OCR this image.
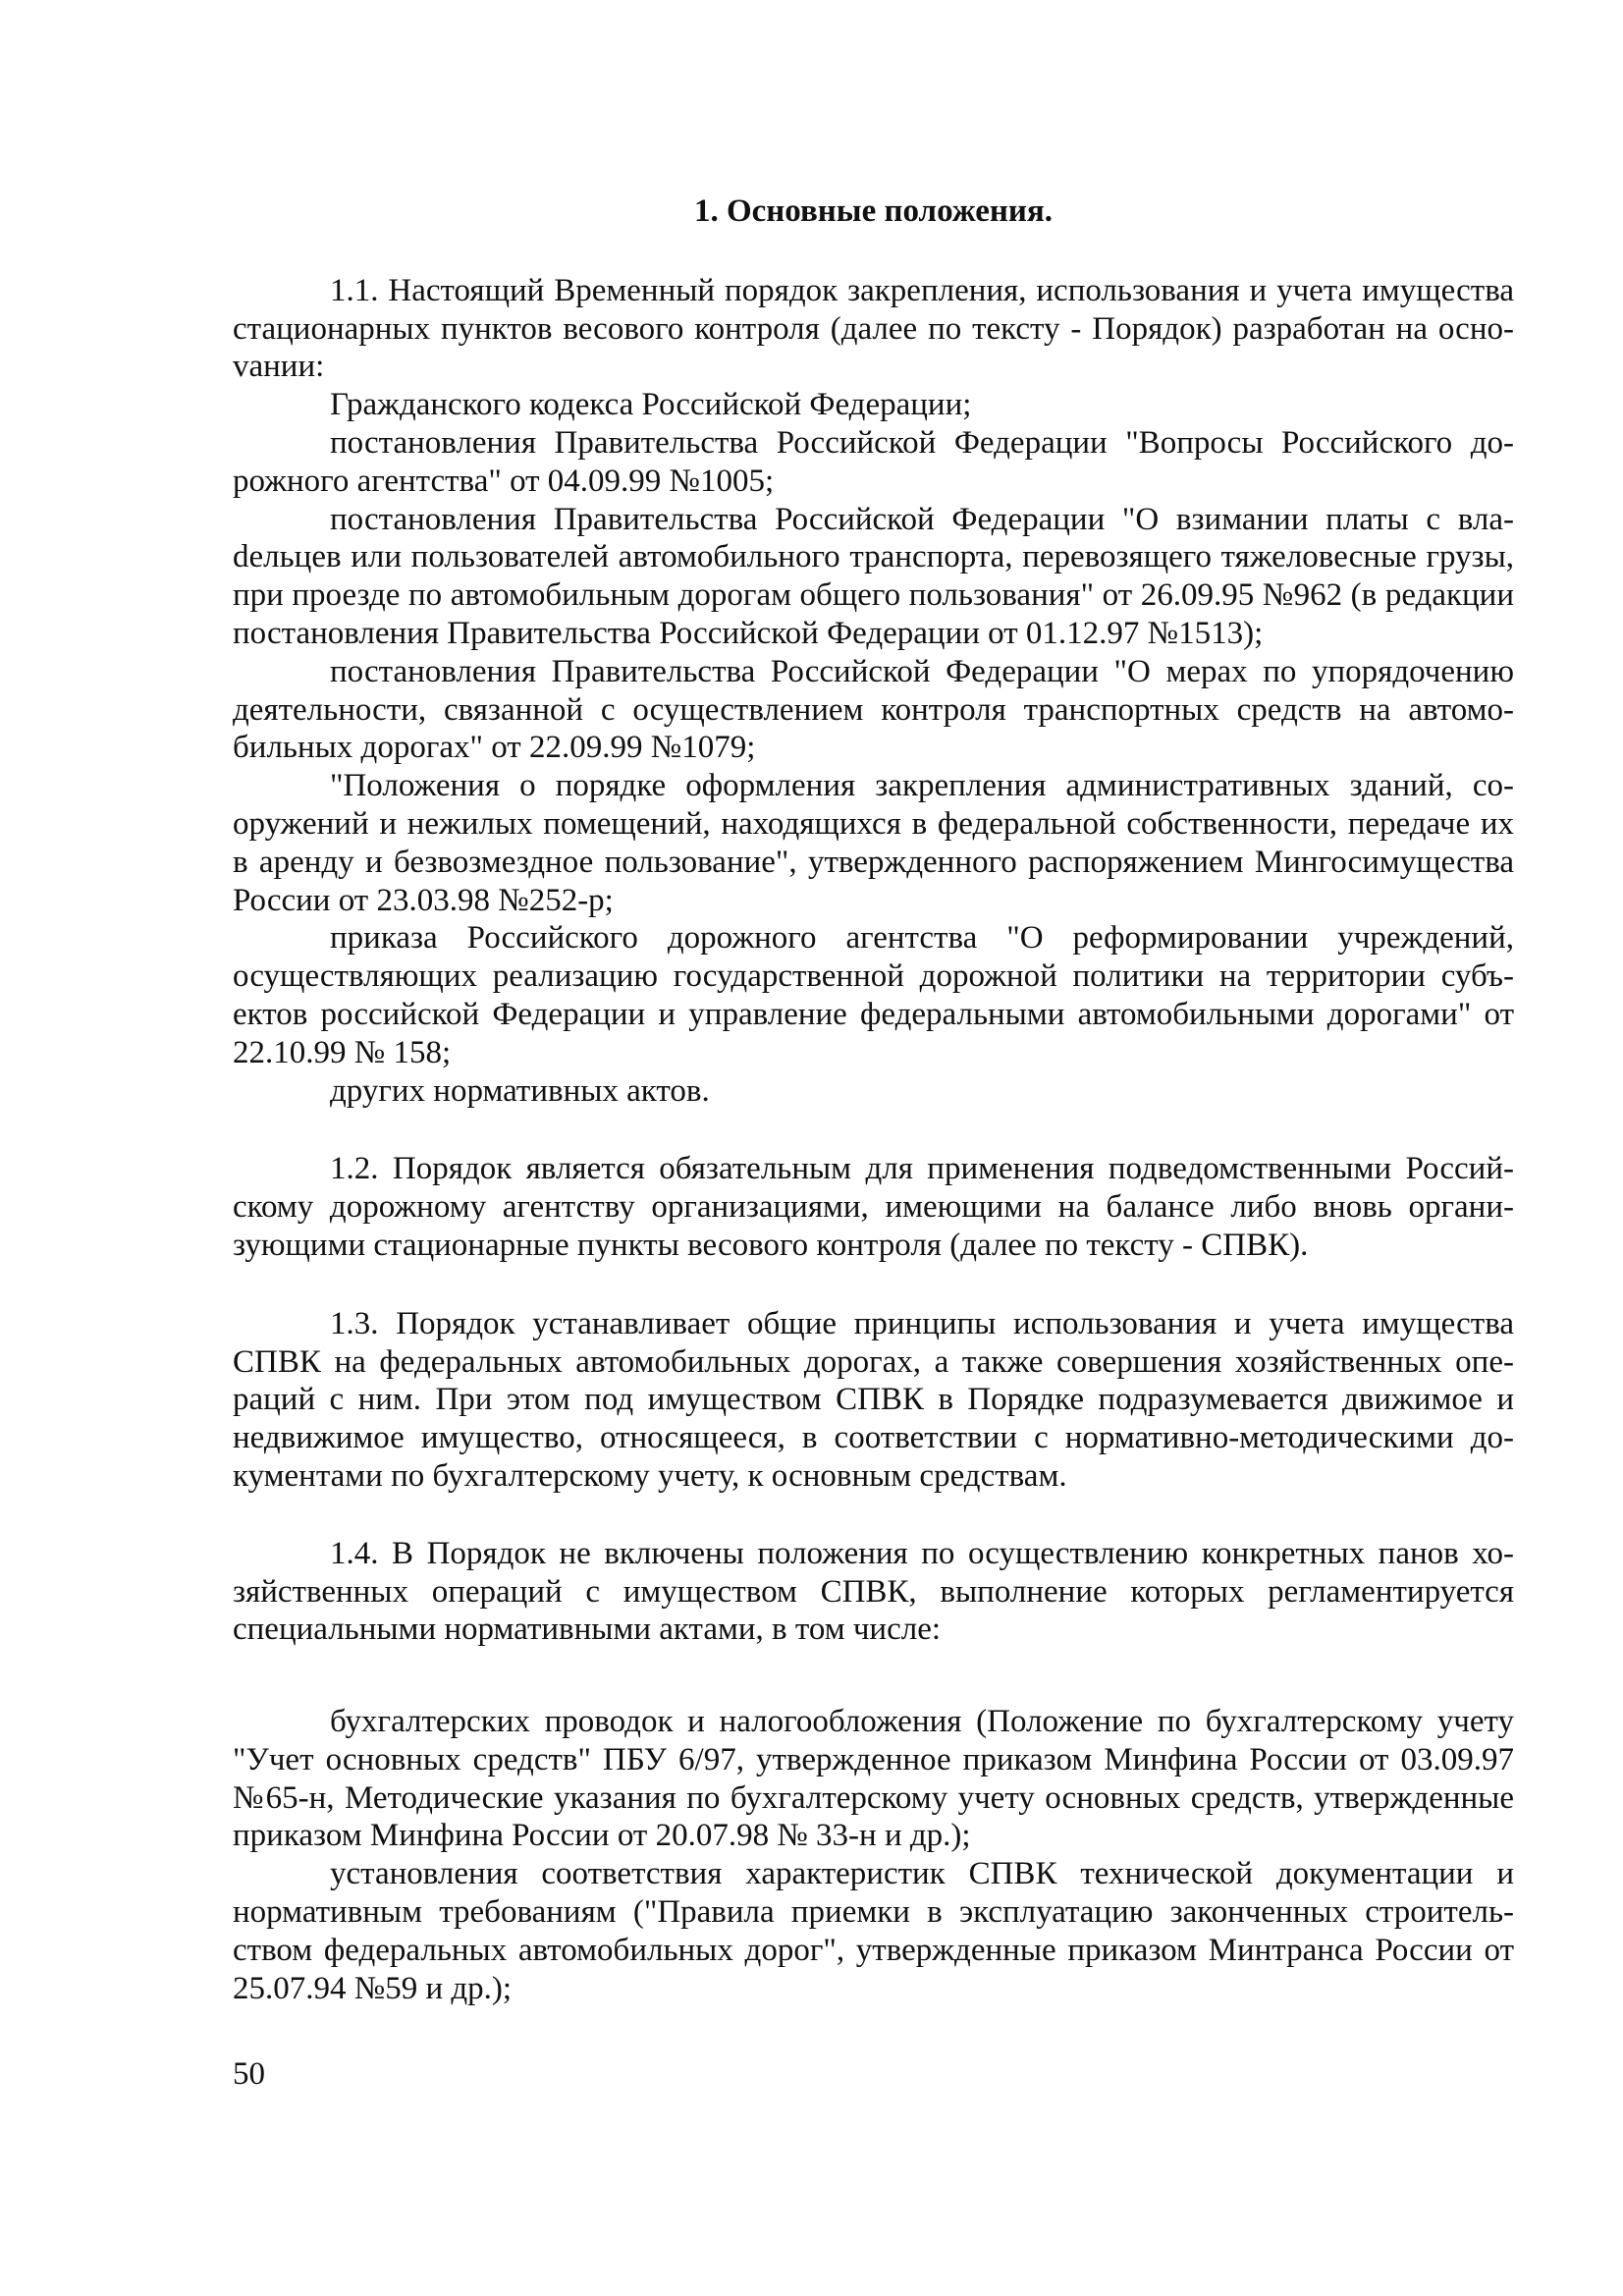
1. Основные положения.

1.1. Настоящий Временный порядок закрепления, использования и учета имущества стационарных пунктов весового контроля (далее по тексту - Порядок) разработан на осноvании:

Гражданского кодекса Российской Федерации;

постановления Правительства Российской Федерации "Вопросы Российского дорожного агентства" от 04.09.99 №1005;

постановления Правительства Российской Федерации "О взимании платы с влаdельцев или пользователей автомобильного транспорта, перевозящего тяжеловесные грузы, при проезде по автомобильным дорогам общего пользования" от 26.09.95 №962 (в редакции постановления Правительства Российской Федерации от 01.12.97 №1513);

постановления Правительства Российской Федерации "О мерах по упорядочению деятельности, связанной с осуществлением контроля транспортных средств на автомобильных дорогах" от 22.09.99 №1079;

"Положения о порядке оформления закрепления административных зданий, сооружений и нежилых помещений, находящихся в федеральной собственности, передаче их в аренду и безвозмездное пользование", утвержденного распоряжением Мингосимущества России от 23.03.98 №252-р;

приказа Российского дорожного агентства "О реформировании учреждений, осуществляющих реализацию государственной дорожной политики на территории субъектов российской Федерации и управление федеральными автомобильными дорогами" от 22.10.99 № 158;

других нормативных актов.

1.2. Порядок является обязательным для применения подведомственными Российскому дорожному агентству организациями, имеющими на балансе либо вновь организующими стационарные пункты весового контроля (далее по тексту - СПВК).

1.3. Порядок устанавливает общие принципы использования и учета имущества СПВК на федеральных автомобильных дорогах, а также совершения хозяйственных операций с ним. При этом под имуществом СПВК в Порядке подразумевается движимое и недвижимое имущество, относящееся, в соответствии с нормативно-методическими документами по бухгалтерскому учету, к основным средствам.

1.4. В Порядок не включены положения по осуществлению конкретных панов хозяйственных операций с имуществом СПВК, выполнение которых регламентируется специальными нормативными актами, в том числе:

бухгалтерских проводок и налогообложения (Положение по бухгалтерскому учету "Учет основных средств" ПБУ 6/97, утвержденное приказом Минфина России от 03.09.97 №65-н, Методические указания по бухгалтерскому учету основных средств, утвержденные приказом Минфина России от 20.07.98 № 33-н и др.);

установления соответствия характеристик СПВК технической документации и нормативным требованиям ("Правила приемки в эксплуатацию законченных строительством федеральных автомобильных дорог", утвержденные приказом Минтранса России от 25.07.94 №59 и др.);

50
